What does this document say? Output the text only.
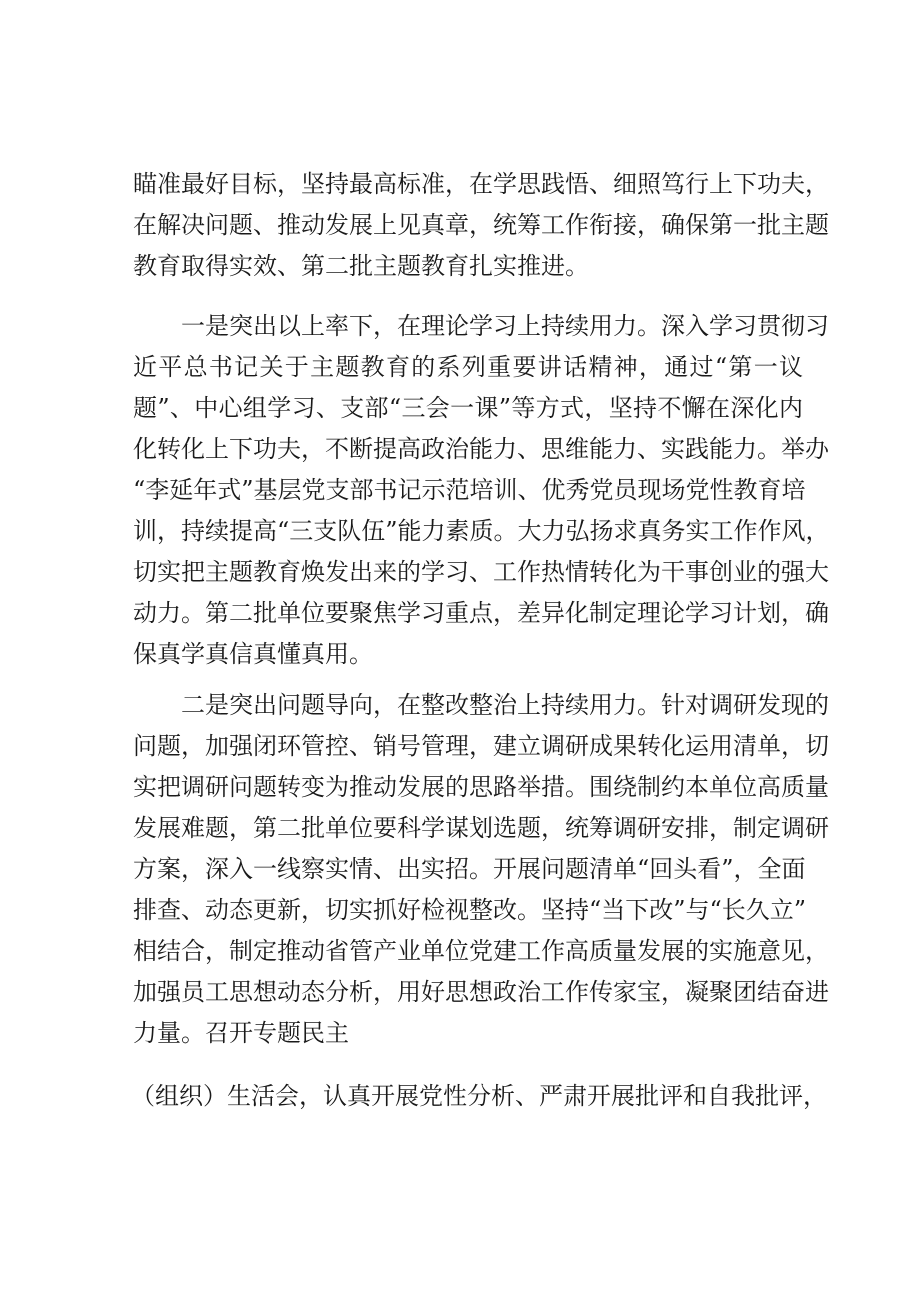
瞄准最好目标，坚持最高标准，在学思践悟、细照笃行上下功夫，
在解决问题、推动发展上见真章，统筹工作衔接，确保第一批主题
教育取得实效、第二批主题教育扎实推进。
一是突出以上率下，在理论学习上持续用力。深入学习贯彻习
近平总书记关于主题教育的系列重要讲话精神，通过“第一议
题”、中心组学习、支部“三会一课”等方式，坚持不懈在深化内
化转化上下功夫，不断提高政治能力、思维能力、实践能力。举办
“李延年式”基层党支部书记示范培训、优秀党员现场党性教育培
训，持续提高“三支队伍”能力素质。大力弘扬求真务实工作作风，
切实把主题教育焕发出来的学习、工作热情转化为干事创业的强大
动力。第二批单位要聚焦学习重点，差异化制定理论学习计划，确
保真学真信真懂真用。
二是突出问题导向，在整改整治上持续用力。针对调研发现的
问题，加强闭环管控、销号管理，建立调研成果转化运用清单，切
实把调研问题转变为推动发展的思路举措。围绕制约本单位高质量
发展难题，第二批单位要科学谋划选题，统筹调研安排，制定调研
方案，深入一线察实情、出实招。开展问题清单“回头看”，全面
排查、动态更新，切实抓好检视整改。坚持“当下改”与“长久立”
相结合，制定推动省管产业单位党建工作高质量发展的实施意见，
加强员工思想动态分析，用好思想政治工作传家宝，凝聚团结奋进
力量。召开专题民主
（组织）生活会，认真开展党性分析、严肃开展批评和自我批评，
